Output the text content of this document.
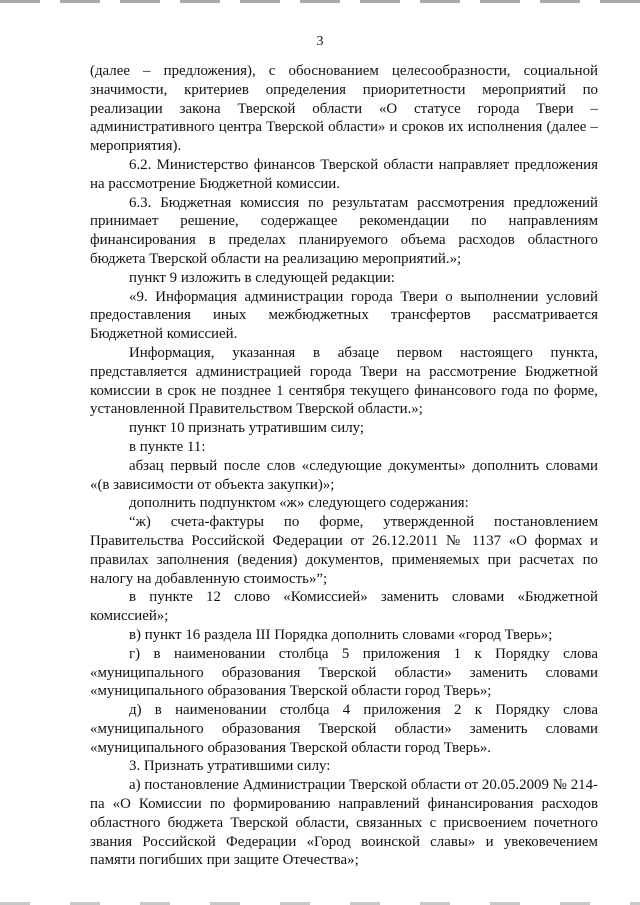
3

(далее – предложения), с обоснованием целесообразности, социальной значимости, критериев определения приоритетности мероприятий по реализации закона Тверской области «О статусе города Твери – административного центра Тверской области» и сроков их исполнения (далее – мероприятия).

6.2. Министерство финансов Тверской области направляет предложения на рассмотрение Бюджетной комиссии.

6.3. Бюджетная комиссия по результатам рассмотрения предложений принимает решение, содержащее рекомендации по направлениям финансирования в пределах планируемого объема расходов областного бюджета Тверской области на реализацию мероприятий.»;

пункт 9 изложить в следующей редакции:

«9. Информация администрации города Твери о выполнении условий предоставления иных межбюджетных трансфертов рассматривается Бюджетной комиссией.

Информация, указанная в абзаце первом настоящего пункта, представляется администрацией города Твери на рассмотрение Бюджетной комиссии в срок не позднее 1 сентября текущего финансового года по форме, установленной Правительством Тверской области.»;

пункт 10 признать утратившим силу;

в пункте 11:

абзац первый после слов «следующие документы» дополнить словами «(в зависимости от объекта закупки)»;

дополнить подпунктом «ж» следующего содержания:

“ж) счета-фактуры по форме, утвержденной постановлением Правительства Российской Федерации от 26.12.2011 № 1137 «О формах и правилах заполнения (ведения) документов, применяемых при расчетах по налогу на добавленную стоимость»”;

в пункте 12 слово «Комиссией» заменить словами «Бюджетной комиссией»;

в) пункт 16 раздела III Порядка дополнить словами «город Тверь»;

г) в наименовании столбца 5 приложения 1 к Порядку слова «муниципального образования Тверской области» заменить словами «муниципального образования Тверской области город Тверь»;

д) в наименовании столбца 4 приложения 2 к Порядку слова «муниципального образования Тверской области» заменить словами «муниципального образования Тверской области город Тверь».

3. Признать утратившими силу:

а) постановление Администрации Тверской области от 20.05.2009 № 214-па «О Комиссии по формированию направлений финансирования расходов областного бюджета Тверской области, связанных с присвоением почетного звания Российской Федерации «Город воинской славы» и увековечением памяти погибших при защите Отечества»;
